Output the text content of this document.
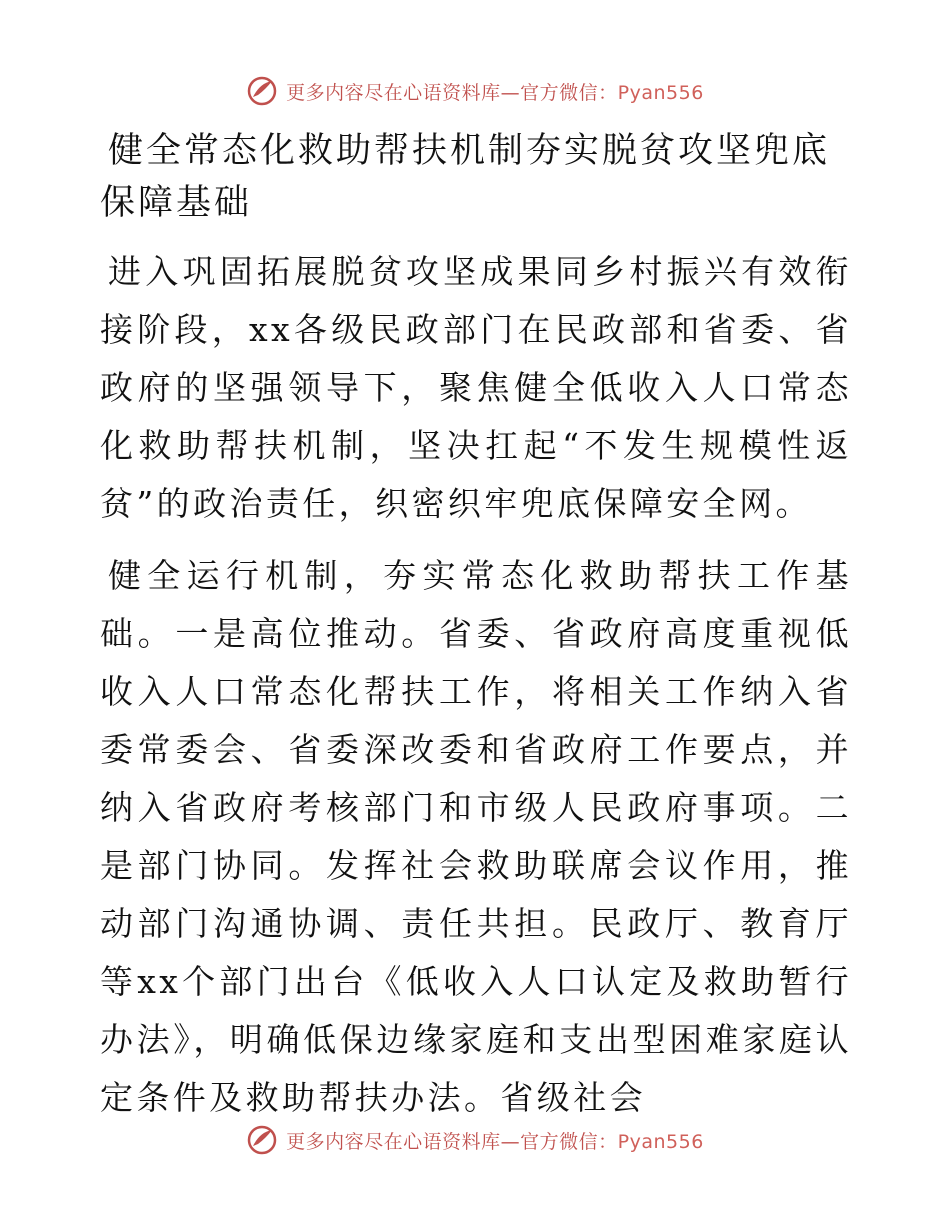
更多内容尽在心语资料库—官方微信：Pyan556
健全常态化救助帮扶机制夯实脱贫攻坚兜底保障基础

进入巩固拓展脱贫攻坚成果同乡村振兴有效衔接阶段，xx各级民政部门在民政部和省委、省政府的坚强领导下，聚焦健全低收入人口常态化救助帮扶机制，坚决扛起“不发生规模性返贫”的政治责任，织密织牢兜底保障安全网。

健全运行机制，夯实常态化救助帮扶工作基础。一是高位推动。省委、省政府高度重视低收入人口常态化帮扶工作，将相关工作纳入省委常委会、省委深改委和省政府工作要点，并纳入省政府考核部门和市级人民政府事项。二是部门协同。发挥社会救助联席会议作用，推动部门沟通协调、责任共担。民政厅、教育厅等xx个部门出台《低收入人口认定及救助暂行办法》，明确低保边缘家庭和支出型困难家庭认定条件及救助帮扶办法。省级社会

更多内容尽在心语资料库—官方微信：Pyan556
